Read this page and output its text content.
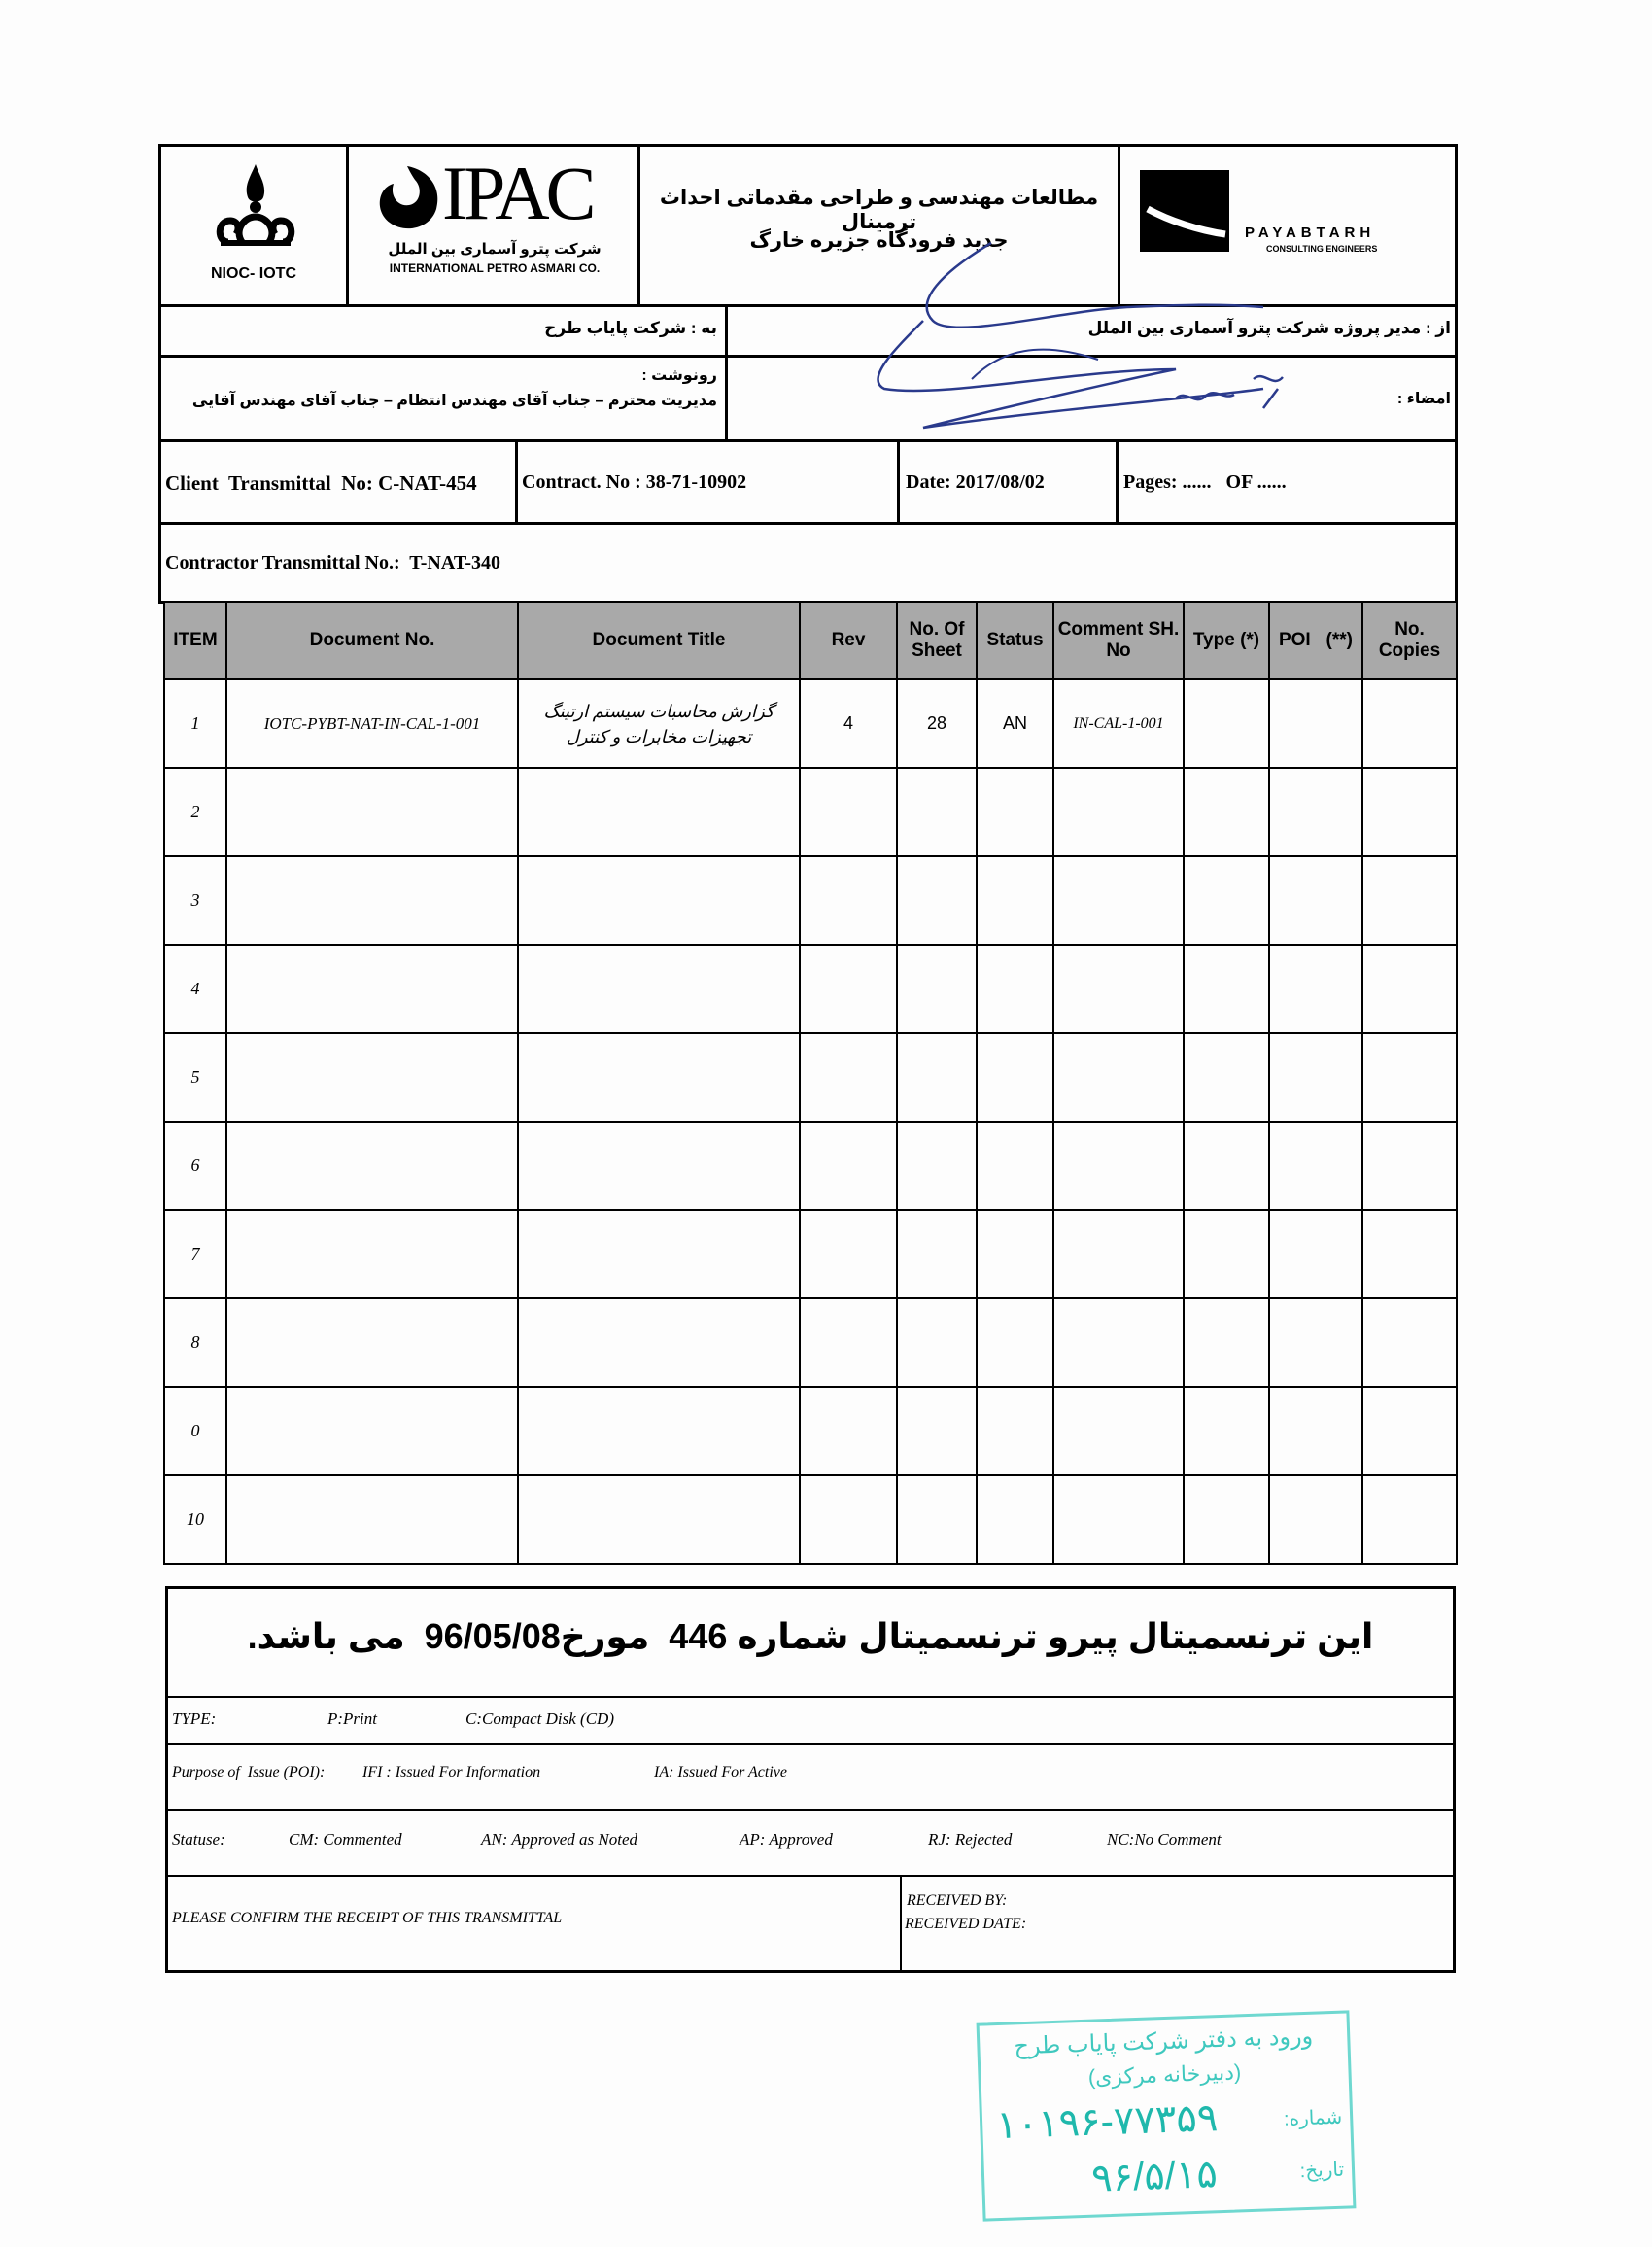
NIOC- IOTC
IPAC
شرکت پترو آسماری بین الملل
INTERNATIONAL PETRO ASMARI CO.
مطالعات مهندسی و طراحی مقدماتی احداث ترمینال
جدید فرودگاه جزیره خارگ	PAYABTARH
CONSULTING ENGINEERS
به : شرکت پایاب طرح	از : مدیر پروژه شرکت پترو آسماری بین الملل
رونوشت :
مدیریت محترم – جناب آقای مهندس انتظام – جناب آقای مهندس آقایی	امضاء :
Client  Transmittal  No: C-NAT-454 Contract. No : 38-71-10902	Date: 2017/08/02	Pages: ......   OF ......
Contractor Transmittal No.:  T-NAT-340
ITEM	Document No.	Document Title	Rev	No. Of Sheet	Status	Comment SH. No	Type (*)	POI   (**)	No. Copies
1	IOTC-PYBT-NAT-IN-CAL-1-001	گزارش محاسبات سیستم ارتینگ
تجهیزات مخابرات و کنترل	4	28	AN	IN-CAL-1-001			
2									
3									
4									
5									
6									
7									
8									
0									
10									
این ترنسمیتال پیرو ترنسمیتال شماره 446  مورخ96/05/08  می باشد.
TYPE:	P:Print	C:Compact Disk (CD)
Purpose of  Issue (POI): IFI : Issued For Information	IA: Issued For Active
Statuse:	CM: Commented	AN: Approved as Noted	AP: Approved	RJ: Rejected	NC:No Comment
PLEASE CONFIRM THE RECEIPT OF THIS TRANSMITTAL
RECEIVED BY:
RECEIVED DATE:
ورود به دفتر شرکت پایاب طرح
(دبیرخانه مرکزی)
شماره:
۱۰۱۹۶-۷۷۳۵۹
تاریخ:
۹۶/۵/۱۵
